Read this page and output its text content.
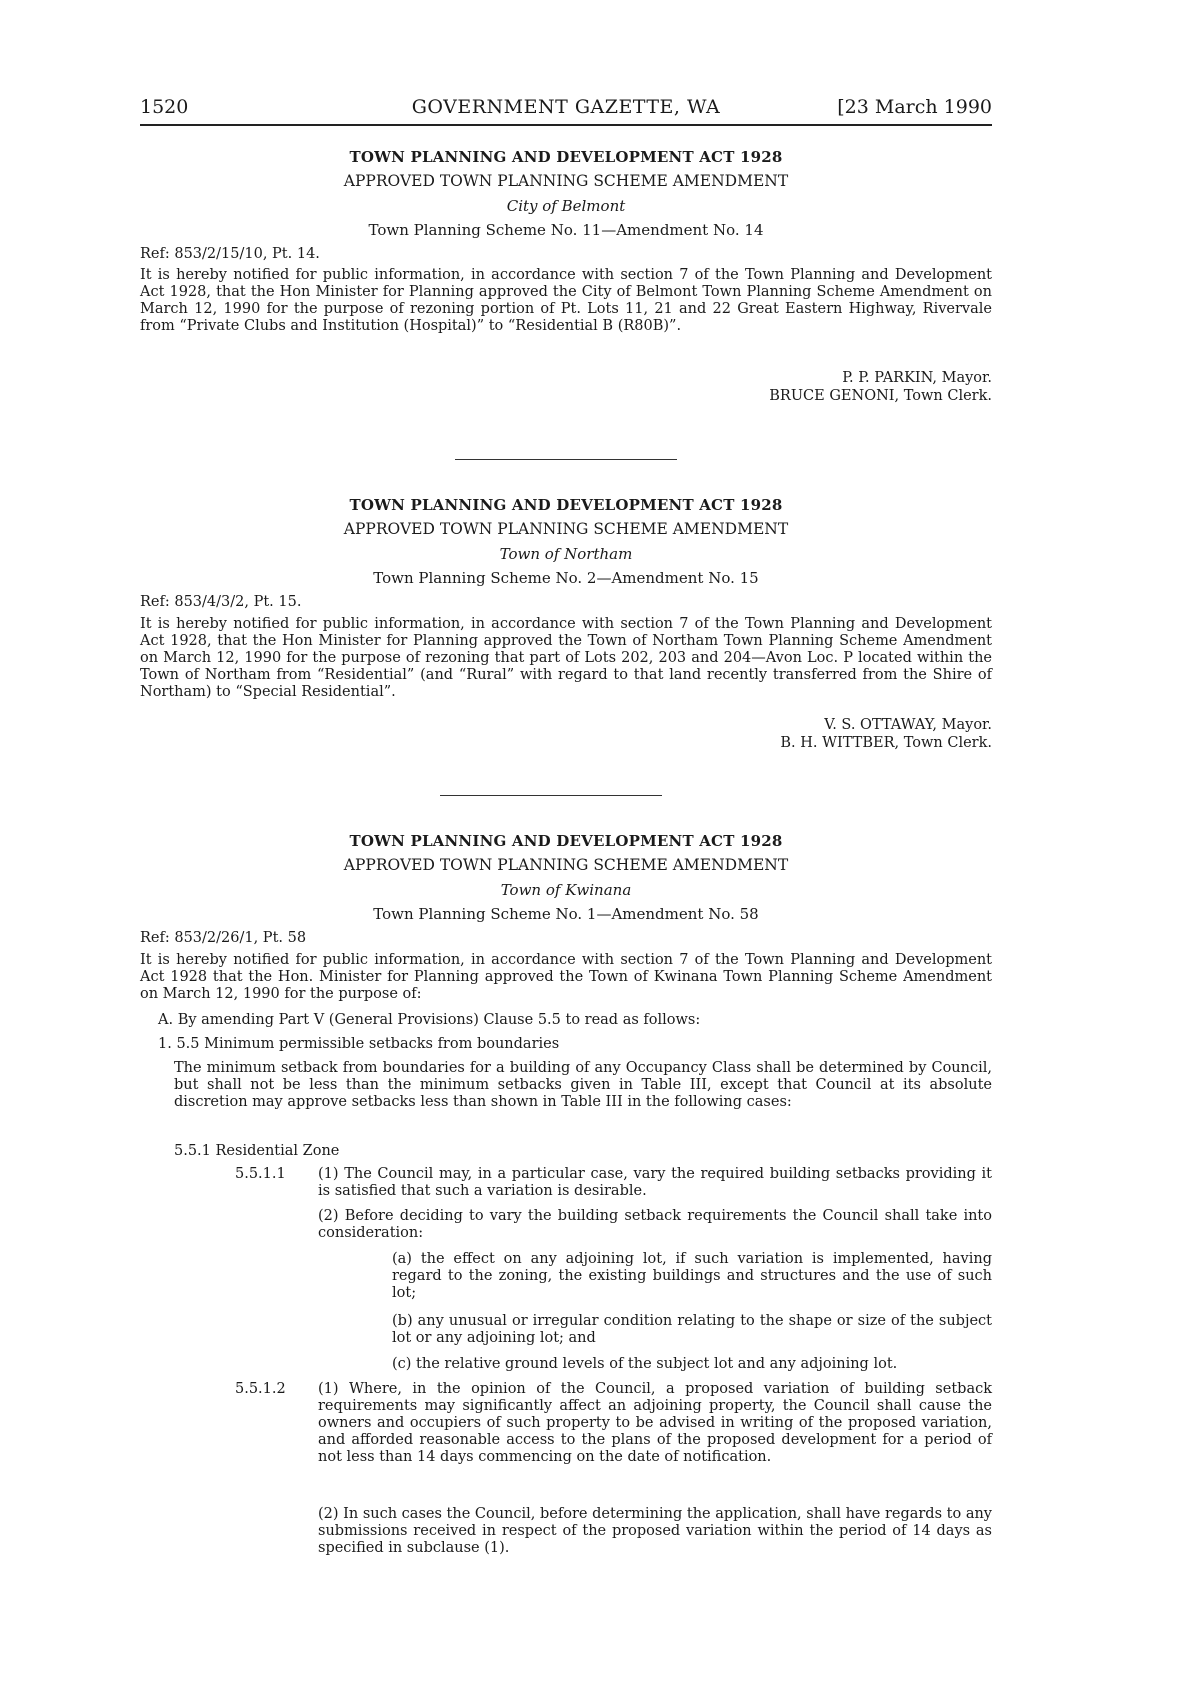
1520	GOVERNMENT GAZETTE, WA	[23 March 1990
TOWN PLANNING AND DEVELOPMENT ACT 1928
APPROVED TOWN PLANNING SCHEME AMENDMENT
City of Belmont
Town Planning Scheme No. 11—Amendment No. 14
Ref: 853/2/15/10, Pt. 14.
It is hereby notified for public information, in accordance with section 7 of the Town Planning and Development Act 1928, that the Hon Minister for Planning approved the City of Belmont Town Planning Scheme Amendment on March 12, 1990 for the purpose of rezoning portion of Pt. Lots 11, 21 and 22 Great Eastern Highway, Rivervale from “Private Clubs and Institution (Hospital)” to “Residential B (R80B)”.
P. P. PARKIN, Mayor.
BRUCE GENONI, Town Clerk.
TOWN PLANNING AND DEVELOPMENT ACT 1928
APPROVED TOWN PLANNING SCHEME AMENDMENT
Town of Northam
Town Planning Scheme No. 2—Amendment No. 15
Ref: 853/4/3/2, Pt. 15.
It is hereby notified for public information, in accordance with section 7 of the Town Planning and Development Act 1928, that the Hon Minister for Planning approved the Town of Northam Town Planning Scheme Amendment on March 12, 1990 for the purpose of rezoning that part of Lots 202, 203 and 204—Avon Loc. P located within the Town of Northam from “Residential” (and “Rural” with regard to that land recently transferred from the Shire of Northam) to “Special Residential”.
V. S. OTTAWAY, Mayor.
B. H. WITTBER, Town Clerk.
TOWN PLANNING AND DEVELOPMENT ACT 1928
APPROVED TOWN PLANNING SCHEME AMENDMENT
Town of Kwinana
Town Planning Scheme No. 1—Amendment No. 58
Ref: 853/2/26/1, Pt. 58
It is hereby notified for public information, in accordance with section 7 of the Town Planning and Development Act 1928 that the Hon. Minister for Planning approved the Town of Kwinana Town Planning Scheme Amendment on March 12, 1990 for the purpose of:
A. By amending Part V (General Provisions) Clause 5.5 to read as follows:
1. 5.5 Minimum permissible setbacks from boundaries
The minimum setback from boundaries for a building of any Occupancy Class shall be determined by Council, but shall not be less than the minimum setbacks given in Table III, except that Council at its absolute discretion may approve setbacks less than shown in Table III in the following cases:
5.5.1 Residential Zone
5.5.1.1 (1) The Council may, in a particular case, vary the required building setbacks providing it is satisfied that such a variation is desirable.
(2) Before deciding to vary the building setback requirements the Council shall take into consideration:
(a) the effect on any adjoining lot, if such variation is implemented, having regard to the zoning, the existing buildings and structures and the use of such lot;
(b) any unusual or irregular condition relating to the shape or size of the subject lot or any adjoining lot; and
(c) the relative ground levels of the subject lot and any adjoining lot.
5.5.1.2 (1) Where, in the opinion of the Council, a proposed variation of building setback requirements may significantly affect an adjoining property, the Council shall cause the owners and occupiers of such property to be advised in writing of the proposed variation, and afforded reasonable access to the plans of the proposed development for a period of not less than 14 days commencing on the date of notification.
(2) In such cases the Council, before determining the application, shall have regards to any submissions received in respect of the proposed variation within the period of 14 days as specified in subclause (1).
